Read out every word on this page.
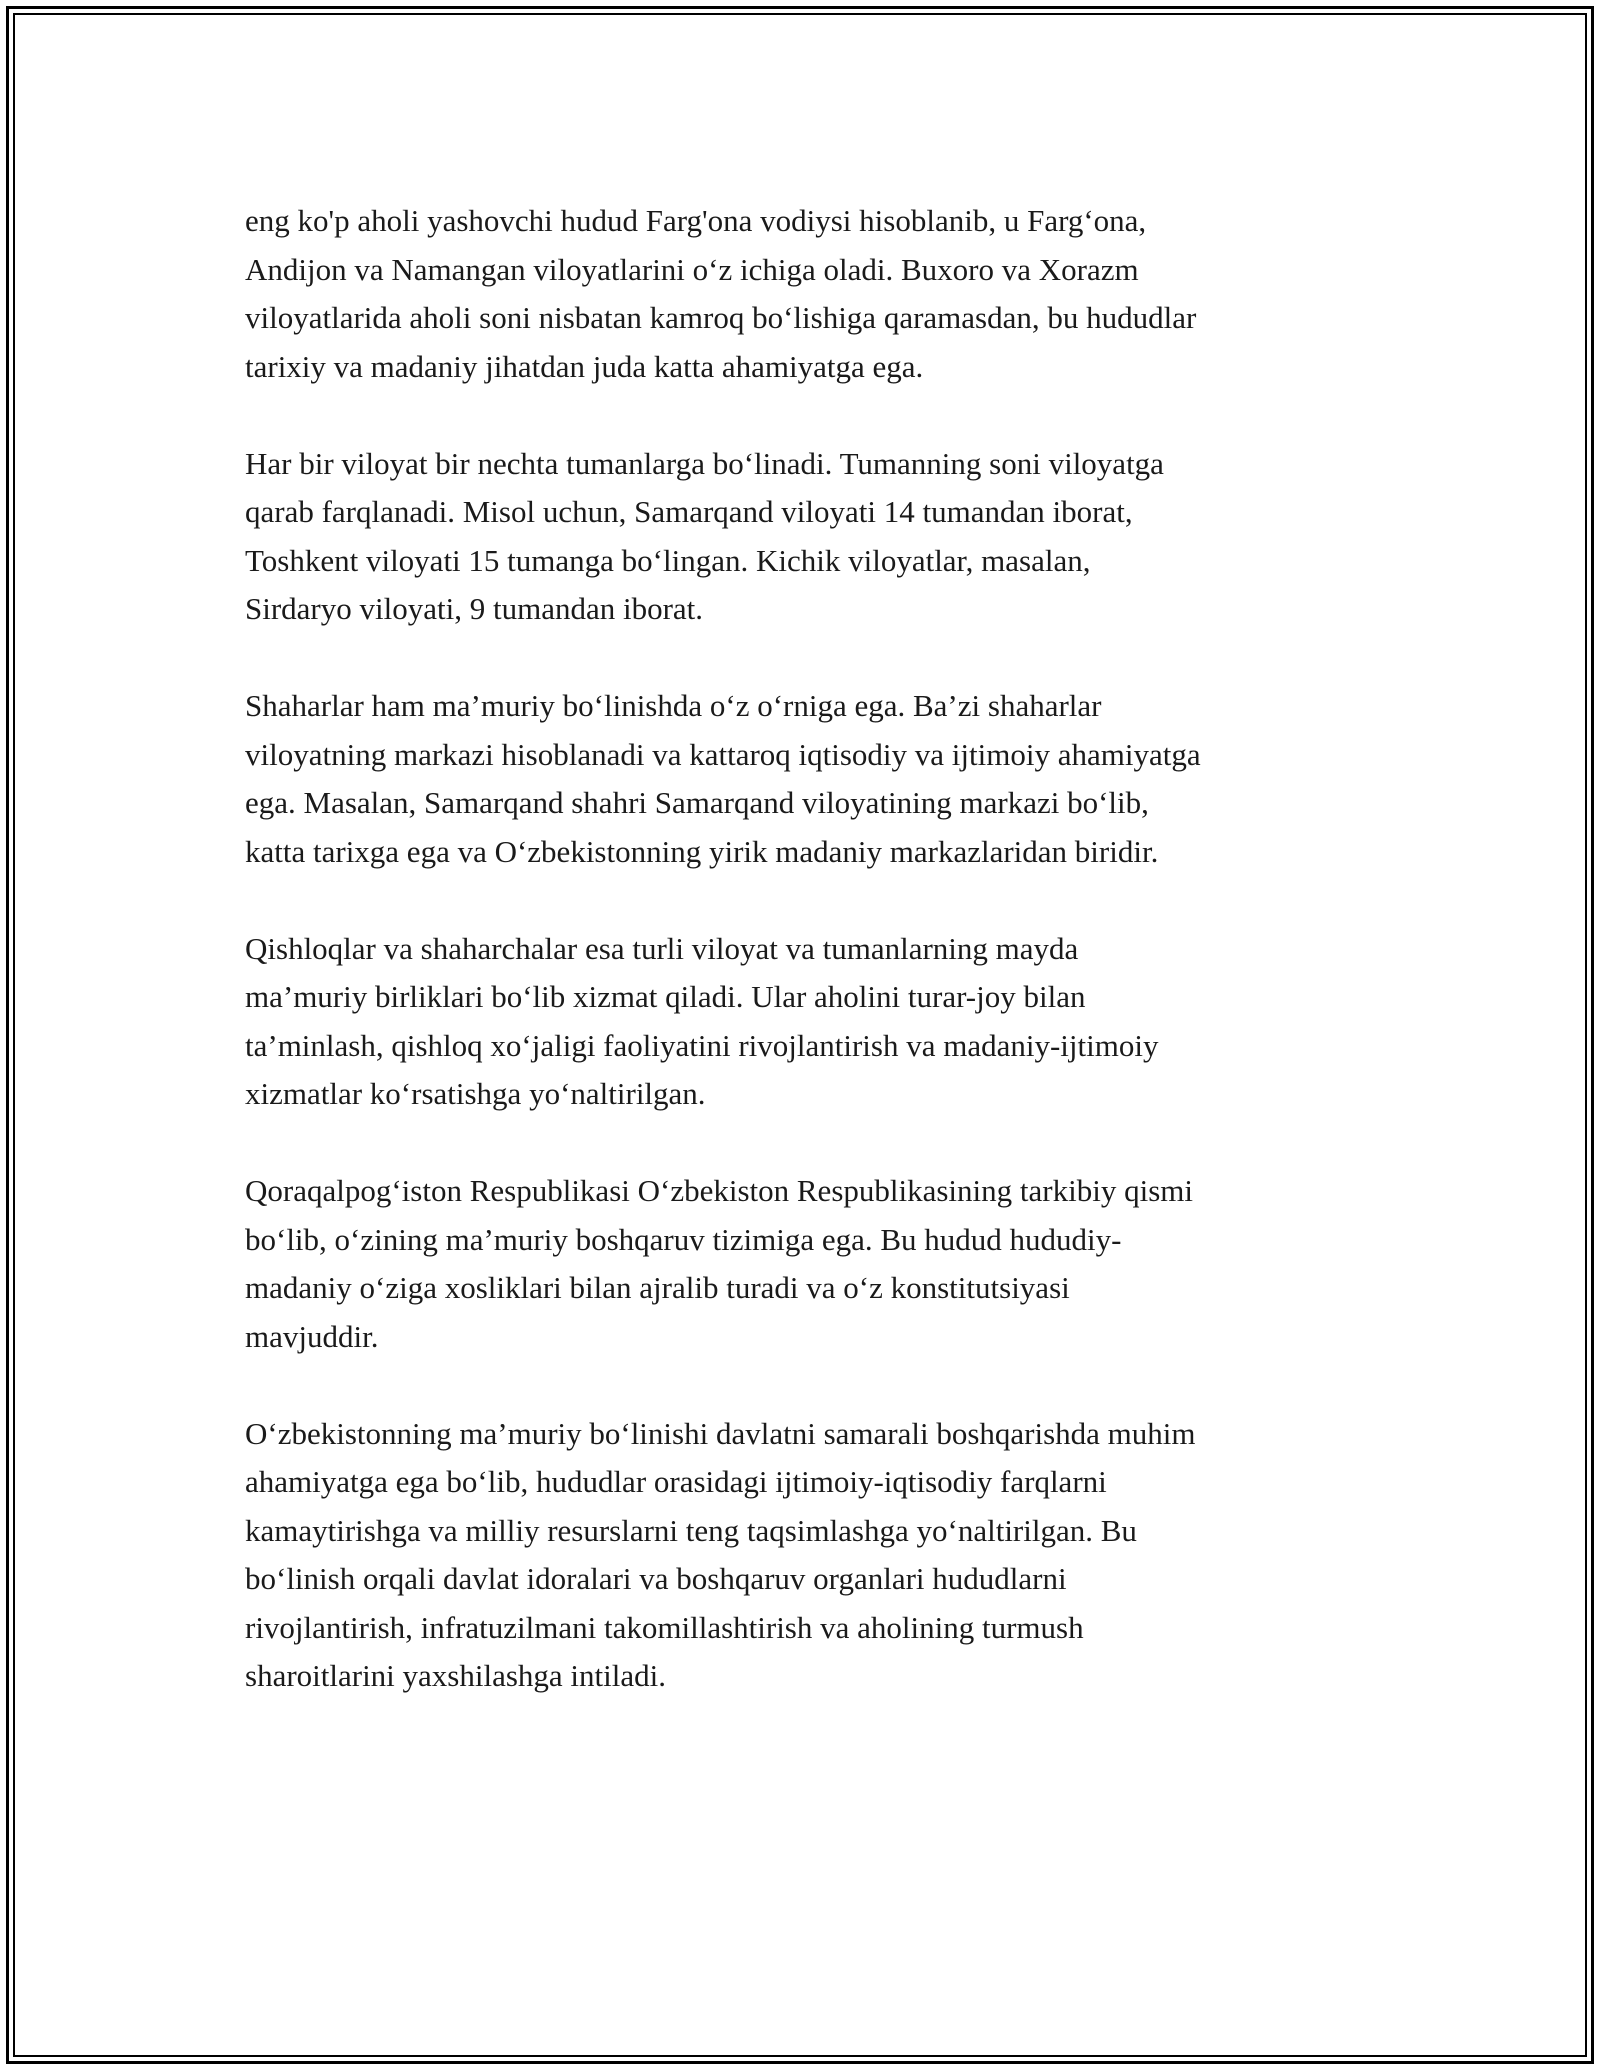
eng ko'p aholi yashovchi hudud Farg'ona vodiysi hisoblanib, u Farg‘ona,
Andijon va Namangan viloyatlarini o‘z ichiga oladi. Buxoro va Xorazm
viloyatlarida aholi soni nisbatan kamroq bo‘lishiga qaramasdan, bu hududlar
tarixiy va madaniy jihatdan juda katta ahamiyatga ega.

Har bir viloyat bir nechta tumanlarga bo‘linadi. Tumanning soni viloyatga
qarab farqlanadi. Misol uchun, Samarqand viloyati 14 tumandan iborat,
Toshkent viloyati 15 tumanga bo‘lingan. Kichik viloyatlar, masalan,
Sirdaryo viloyati, 9 tumandan iborat.

Shaharlar ham ma’muriy bo‘linishda o‘z o‘rniga ega. Ba’zi shaharlar
viloyatning markazi hisoblanadi va kattaroq iqtisodiy va ijtimoiy ahamiyatga
ega. Masalan, Samarqand shahri Samarqand viloyatining markazi bo‘lib,
katta tarixga ega va O‘zbekistonning yirik madaniy markazlaridan biridir.

Qishloqlar va shaharchalar esa turli viloyat va tumanlarning mayda
ma’muriy birliklari bo‘lib xizmat qiladi. Ular aholini turar-joy bilan
ta’minlash, qishloq xo‘jaligi faoliyatini rivojlantirish va madaniy-ijtimoiy
xizmatlar ko‘rsatishga yo‘naltirilgan.

Qoraqalpog‘iston Respublikasi O‘zbekiston Respublikasining tarkibiy qismi
bo‘lib, o‘zining ma’muriy boshqaruv tizimiga ega. Bu hudud hududiy-
madaniy o‘ziga xosliklari bilan ajralib turadi va o‘z konstitutsiyasi
mavjuddir.

O‘zbekistonning ma’muriy bo‘linishi davlatni samarali boshqarishda muhim
ahamiyatga ega bo‘lib, hududlar orasidagi ijtimoiy-iqtisodiy farqlarni
kamaytirishga va milliy resurslarni teng taqsimlashga yo‘naltirilgan. Bu
bo‘linish orqali davlat idoralari va boshqaruv organlari hududlarni
rivojlantirish, infratuzilmani takomillashtirish va aholining turmush
sharoitlarini yaxshilashga intiladi.
